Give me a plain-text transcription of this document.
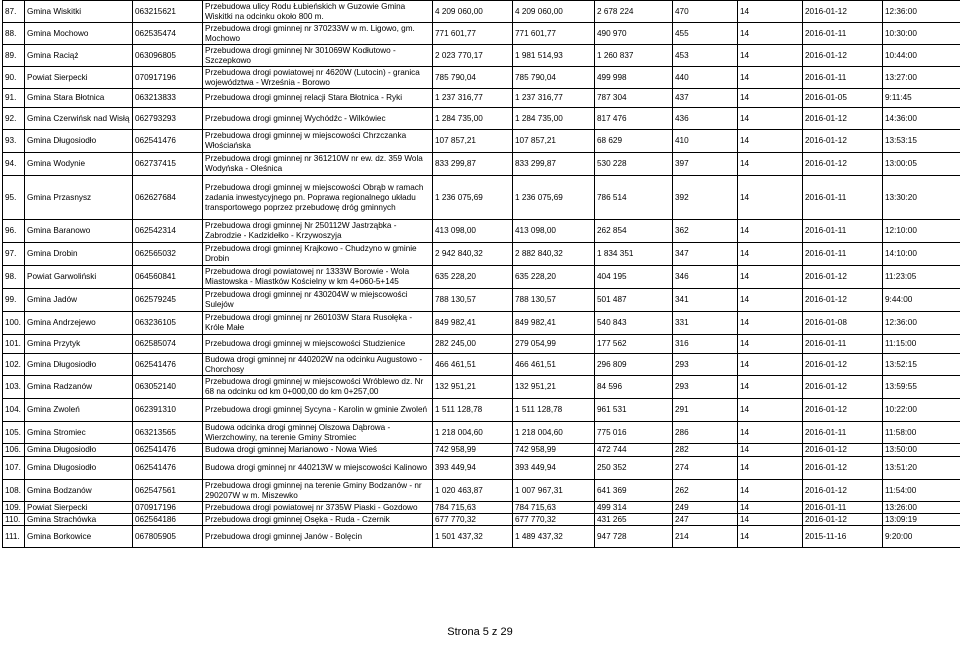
87.	Gmina Wiskitki	063215621	Przebudowa ulicy Rodu Łubieńskich w Guzowie Gmina Wiskitki na odcinku około 800 m.	4 209 060,00	4 209 060,00	2 678 224	470	14	2016-01-12	12:36:00
88.	Gmina Mochowo	062535474	Przebudowa drogi gminnej nr 370233W w m. Ligowo, gm. Mochowo	771 601,77	771 601,77	490 970	455	14	2016-01-11	10:30:00
89.	Gmina Raciąż	063096805	Przebudowa drogi gminnej Nr 301069W Kodłutowo - Szczepkowo	2 023 770,17	1 981 514,93	1 260 837	453	14	2016-01-12	10:44:00
90.	Powiat Sierpecki	070917196	Przebudowa drogi powiatowej nr 4620W (Lutocin) - granica województwa - Września - Borowo	785 790,04	785 790,04	499 998	440	14	2016-01-11	13:27:00
91.	Gmina Stara Błotnica	063213833	Przebudowa drogi gminnej relacji Stara Błotnica - Ryki	1 237 316,77	1 237 316,77	787 304	437	14	2016-01-05	9:11:45
92.	Gmina Czerwińsk nad Wisłą	062793293	Przebudowa drogi gminnej Wychódźc - Wilkówiec	1 284 735,00	1 284 735,00	817 476	436	14	2016-01-12	14:36:00
93.	Gmina Długosiodło	062541476	Przebudowa drogi gminnej w miejscowości Chrzczanka Włościańska	107 857,21	107 857,21	68 629	410	14	2016-01-12	13:53:15
94.	Gmina Wodynie	062737415	Przebudowa drogi gminnej nr 361210W nr ew. dz. 359 Wola Wodyńska - Oleśnica	833 299,87	833 299,87	530 228	397	14	2016-01-12	13:00:05
95.	Gmina Przasnysz	062627684	Przebudowa drogi gminnej w miejscowości Obrąb w ramach zadania inwestycyjnego pn. Poprawa regionalnego układu transportowego poprzez przebudowę dróg gminnych	1 236 075,69	1 236 075,69	786 514	392	14	2016-01-11	13:30:20
96.	Gmina Baranowo	062542314	Przebudowa drogi gminnej Nr 250112W Jastrząbka - Zabrodzie - Kadzidełko - Krzywoszyja	413 098,00	413 098,00	262 854	362	14	2016-01-11	12:10:00
97.	Gmina Drobin	062565032	Przebudowa drogi gminnej Krajkowo - Chudzyno w gminie Drobin	2 942 840,32	2 882 840,32	1 834 351	347	14	2016-01-11	14:10:00
98.	Powiat Garwoliński	064560841	Przebudowa drogi powiatowej nr 1333W Borowie - Wola Miastowska - Miastków Kościelny w km 4+060-5+145	635 228,20	635 228,20	404 195	346	14	2016-01-12	11:23:05
99.	Gmina Jadów	062579245	Przebudowa drogi gminnej nr 430204W w miejscowości Sulejów	788 130,57	788 130,57	501 487	341	14	2016-01-12	9:44:00
100.	Gmina Andrzejewo	063236105	Przebudowa drogi gminnej nr 260103W Stara Rusołęka - Króle Małe	849 982,41	849 982,41	540 843	331	14	2016-01-08	12:36:00
101.	Gmina Przytyk	062585074	Przebudowa drogi gminnej w miejscowości Studzienice	282 245,00	279 054,99	177 562	316	14	2016-01-11	11:15:00
102.	Gmina Długosiodło	062541476	Budowa drogi gminnej nr 440202W na odcinku Augustowo - Chorchosy	466 461,51	466 461,51	296 809	293	14	2016-01-12	13:52:15
103.	Gmina Radzanów	063052140	Przebudowa drogi gminnej w miejscowości Wróblewo dz. Nr 68 na odcinku od km 0+000,00 do km 0+257,00	132 951,21	132 951,21	84 596	293	14	2016-01-12	13:59:55
104.	Gmina Zwoleń	062391310	Przebudowa drogi gminnej Sycyna - Karolin w gminie Zwoleń	1 511 128,78	1 511 128,78	961 531	291	14	2016-01-12	10:22:00
105.	Gmina Stromiec	063213565	Budowa odcinka drogi gminnej Olszowa Dąbrowa - Wierzchowiny, na terenie Gminy Stromiec	1 218 004,60	1 218 004,60	775 016	286	14	2016-01-11	11:58:00
106.	Gmina Długosiodło	062541476	Budowa drogi gminnej Marianowo - Nowa Wieś	742 958,99	742 958,99	472 744	282	14	2016-01-12	13:50:00
107.	Gmina Długosiodło	062541476	Budowa drogi gminnej nr 440213W w miejscowości Kalinowo	393 449,94	393 449,94	250 352	274	14	2016-01-12	13:51:20
108.	Gmina Bodzanów	062547561	Przebudowa drogi gminnej na terenie Gminy Bodzanów - nr 290207W w m. Miszewko	1 020 463,87	1 007 967,31	641 369	262	14	2016-01-12	11:54:00
109.	Powiat Sierpecki	070917196	Przebudowa drogi powiatowej nr 3735W Piaski - Gozdowo	784 715,63	784 715,63	499 314	249	14	2016-01-11	13:26:00
110.	Gmina Strachówka	062564186	Przebudowa drogi gminnej Osęka - Ruda - Czernik	677 770,32	677 770,32	431 265	247	14	2016-01-12	13:09:19
111.	Gmina Borkowice	067805905	Przebudowa drogi gminnej Janów - Bolęcin	1 501 437,32	1 489 437,32	947 728	214	14	2015-11-16	9:20:00
Strona 5 z 29
